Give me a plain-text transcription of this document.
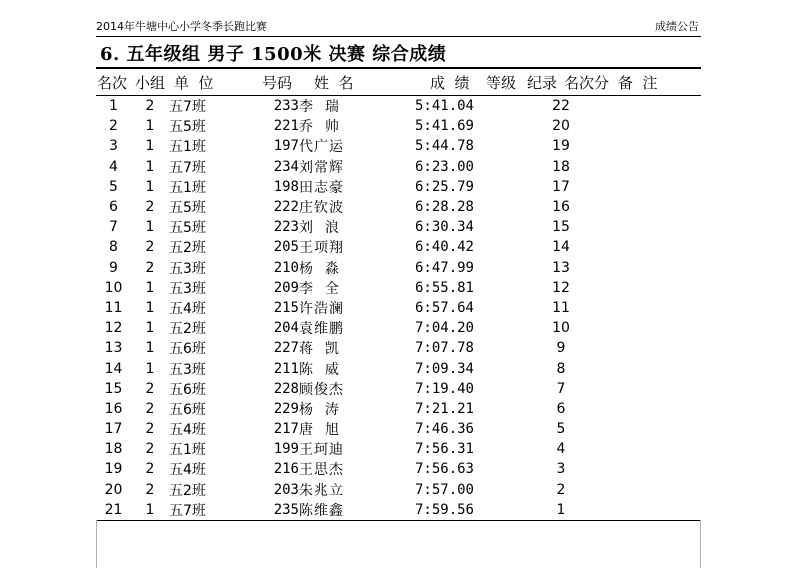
2014年牛塘中心小学冬季长跑比赛	成绩公告
6. 五年级组 男子 1500米 决赛 综合成绩
名次 小组 单  位	号码 姓  名	成  绩 等级 纪录 名次分 备  注
1	2	五7班	233	李  瑞	5:41.04		22
2	1	五5班	221	乔  帅	5:41.69		20
3	1	五1班	197	代广运	5:44.78		19
4	1	五7班	234	刘常辉	6:23.00		18
5	1	五1班	198	田志豪	6:25.79		17
6	2	五5班	222	庄钦波	6:28.28		16
7	1	五5班	223	刘  浪	6:30.34		15
8	2	五2班	205	王项翔	6:40.42		14
9	2	五3班	210	杨  淼	6:47.99		13
10	1	五3班	209	李  全	6:55.81		12
11	1	五4班	215	许浩澜	6:57.64		11
12	1	五2班	204	袁维鹏	7:04.20		10
13	1	五6班	227	蒋  凯	7:07.78		9
14	1	五3班	211	陈  威	7:09.34		8
15	2	五6班	228	顾俊杰	7:19.40		7
16	2	五6班	229	杨  涛	7:21.21		6
17	2	五4班	217	唐  旭	7:46.36		5
18	2	五1班	199	王珂迪	7:56.31		4
19	2	五4班	216	王思杰	7:56.63		3
20	2	五2班	203	朱兆立	7:57.00		2
21	1	五7班	235	陈维鑫	7:59.56		1
